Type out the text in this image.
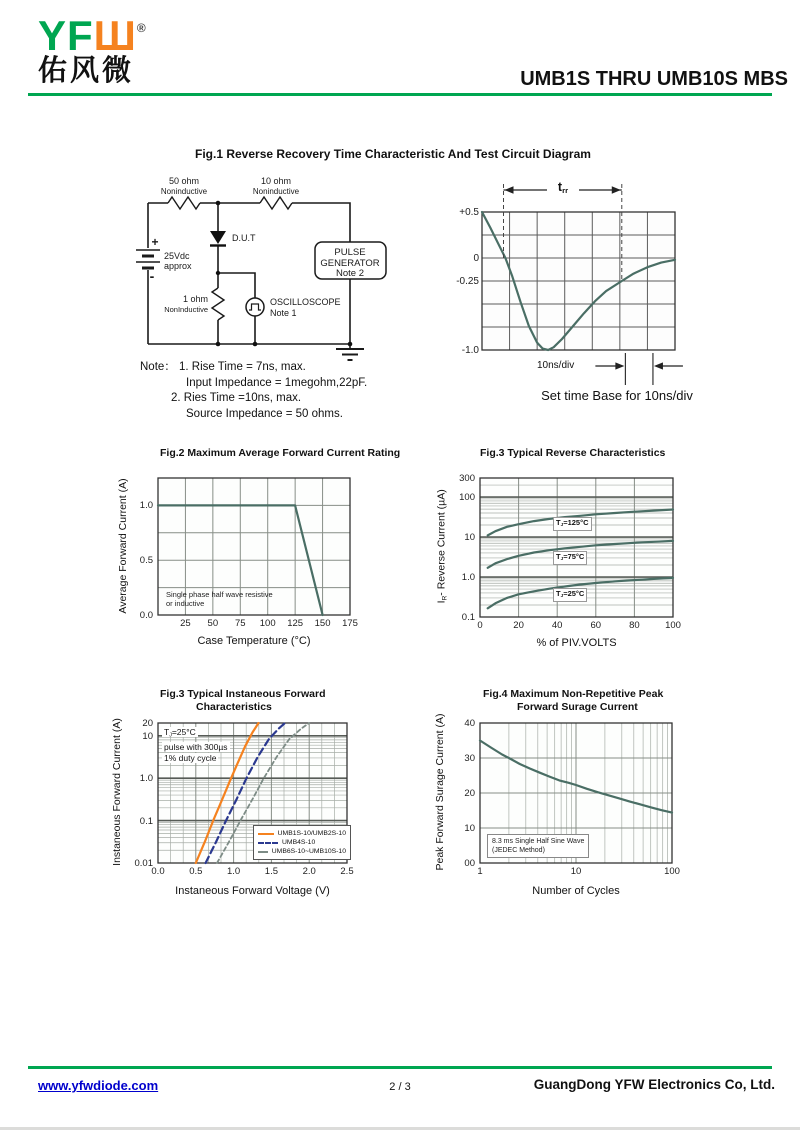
YFШ®
佑风微	UMB1S THRU UMB10S MBS
Fig.1 Reverse Recovery Time Characteristic And Test Circuit Diagram
50 ohm
Noninductive
10 ohm
Noninductive
+
-
25Vdc
approx
D.U.T
1 ohm
NonInductive
OSCILLOSCOPE
Note 1
PULSE
GENERATOR
Note 2
Note： 1. Rise Time = 7ns, max.
Input Impedance = 1megohm,22pF.
2. Ries Time =10ns, max.
Source Impedance = 50 ohms.
+0.5
0
-0.25
-1.0
trr
10ns/div
Set time Base for 10ns/div
Fig.2 Maximum Average Forward Current Rating
Average Forward Current (A)
Case Temperature (°C)
Single phase half wave resistive
or inductive
25	50	75	100	125	150	175
0.0
0.5
1.0
Fig.3 Typical Reverse Characteristics
IR- Reverse Current (µA)
% of PIV.VOLTS
TJ=125°C
TJ=75°C
TJ=25°C
0	20	40	60	80	100
0.1
1.0
10
100
300
Fig.3 Typical Instaneous Forward
Characteristics
Instaneous Forward Current (A)
Instaneous Forward Voltage (V)
TJ=25°C
pulse with 300µs
1% duty cycle
UMB1S-10/UMB2S-10
UMB4S-10
UMB6S-10~UMB10S-10
0.0	0.5	1.0	1.5	2.0	2.5
0.01
0.1
1.0
10
20
Fig.4 Maximum Non-Repetitive Peak
Forward Surage Current
Peak Forward Surage Current (A)
Number of Cycles
8.3 ms Single Half Sine Wave
(JEDEC Method)
1	10	100
00
10
20
30
40
www.yfwdiode.com	2 / 3	GuangDong YFW Electronics Co, Ltd.
